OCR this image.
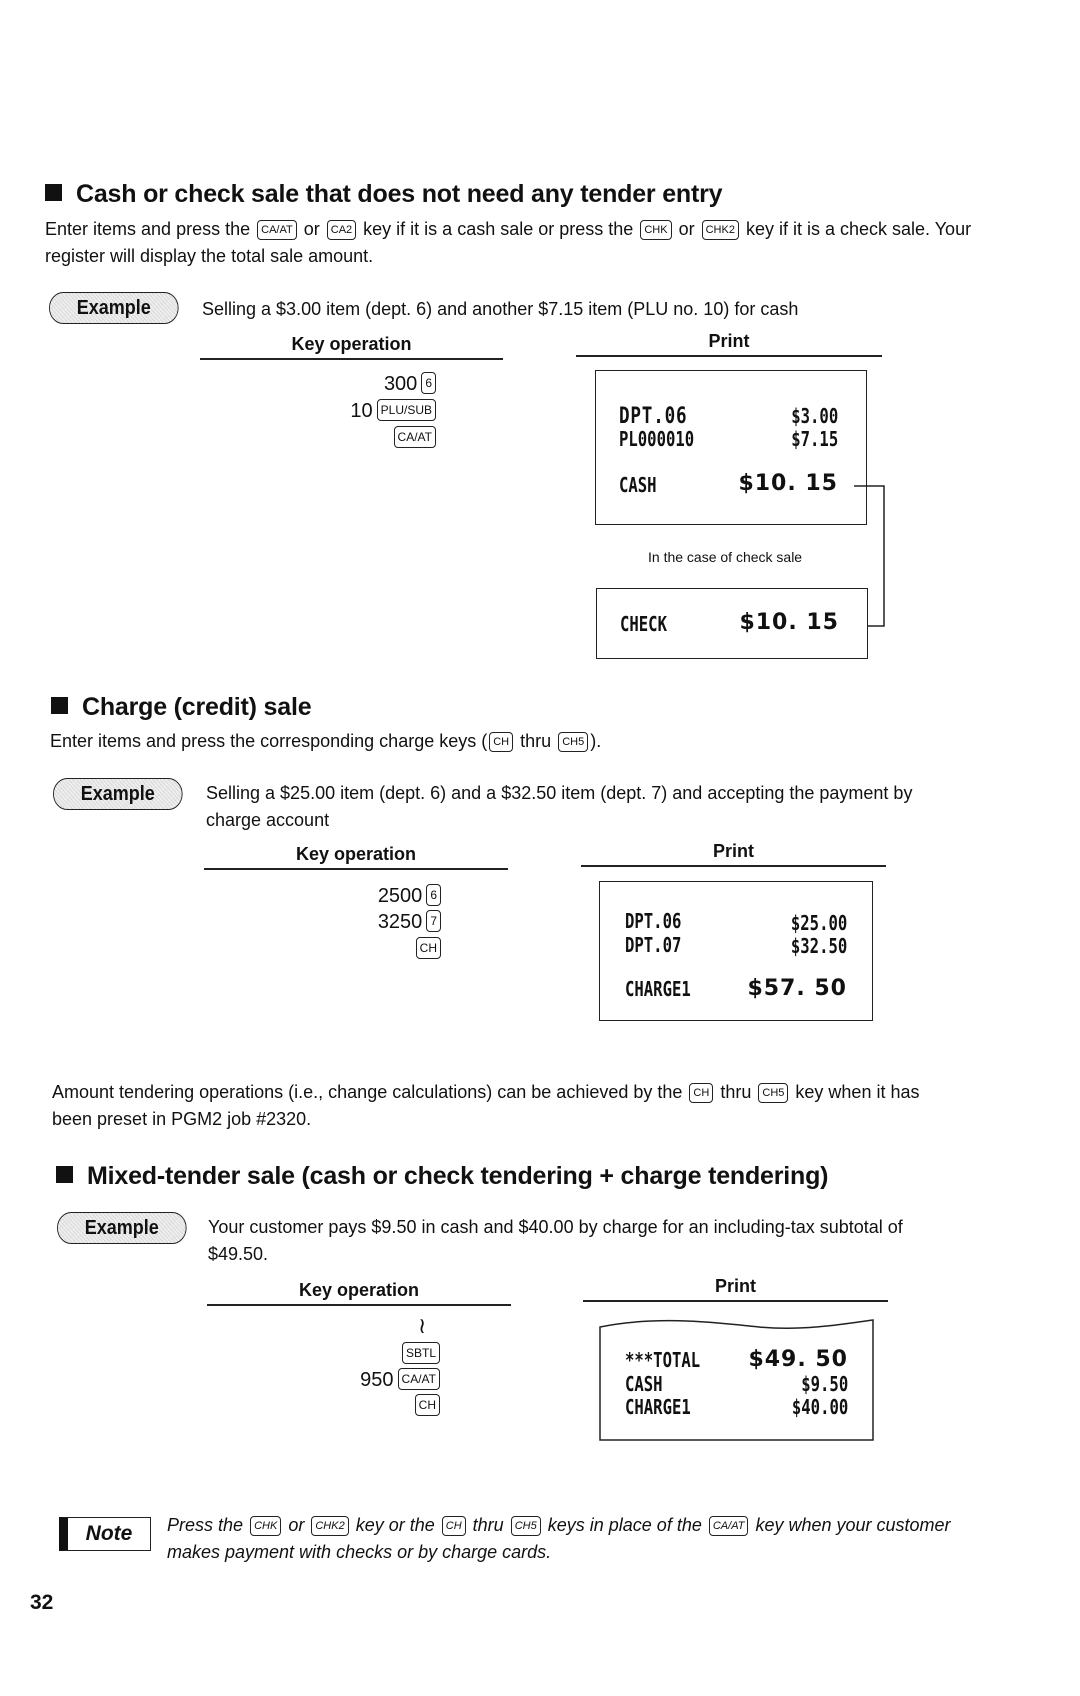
Cash or check sale that does not need any tender entry
Enter items and press the CA/AT or CA2 key if it is a cash sale or press the CHK or CHK2 key if it is a check sale. Your
register will display the total sale amount.
Example	Selling a $3.00 item (dept. 6) and another $7.15 item (PLU no. 10) for cash
Key operation	Print
300 6
10 PLU/SUB
CA/AT
DPT.06	$3.00
PL000010	$7.15
CASH	$10. 15
In the case of check sale
CHECK	$10. 15
Charge (credit) sale
Enter items and press the corresponding charge keys ( CH thru CH5 ).
Example	Selling a $25.00 item (dept. 6) and a $32.50 item (dept. 7) and accepting the payment by
charge account
Key operation	Print
2500 6
3250 7
CH
DPT.06	$25.00
DPT.07	$32.50
CHARGE1	$57. 50
Amount tendering operations (i.e., change calculations) can be achieved by the CH thru CH5 key when it has
been preset in PGM2 job #2320.
Mixed-tender sale (cash or check tendering + charge tendering)
Example	Your customer pays $9.50 in cash and $40.00 by charge for an including-tax subtotal of
$49.50.
Key operation	Print
≀
SBTL
950 CA/AT
CH
***TOTAL $49. 50
CASH	$9.50
CHARGE1	$40.00
Note	Press the CHK or CHK2 key or the CH thru CH5 keys in place of the CA/AT key when your customer
makes payment with checks or by charge cards.
32
